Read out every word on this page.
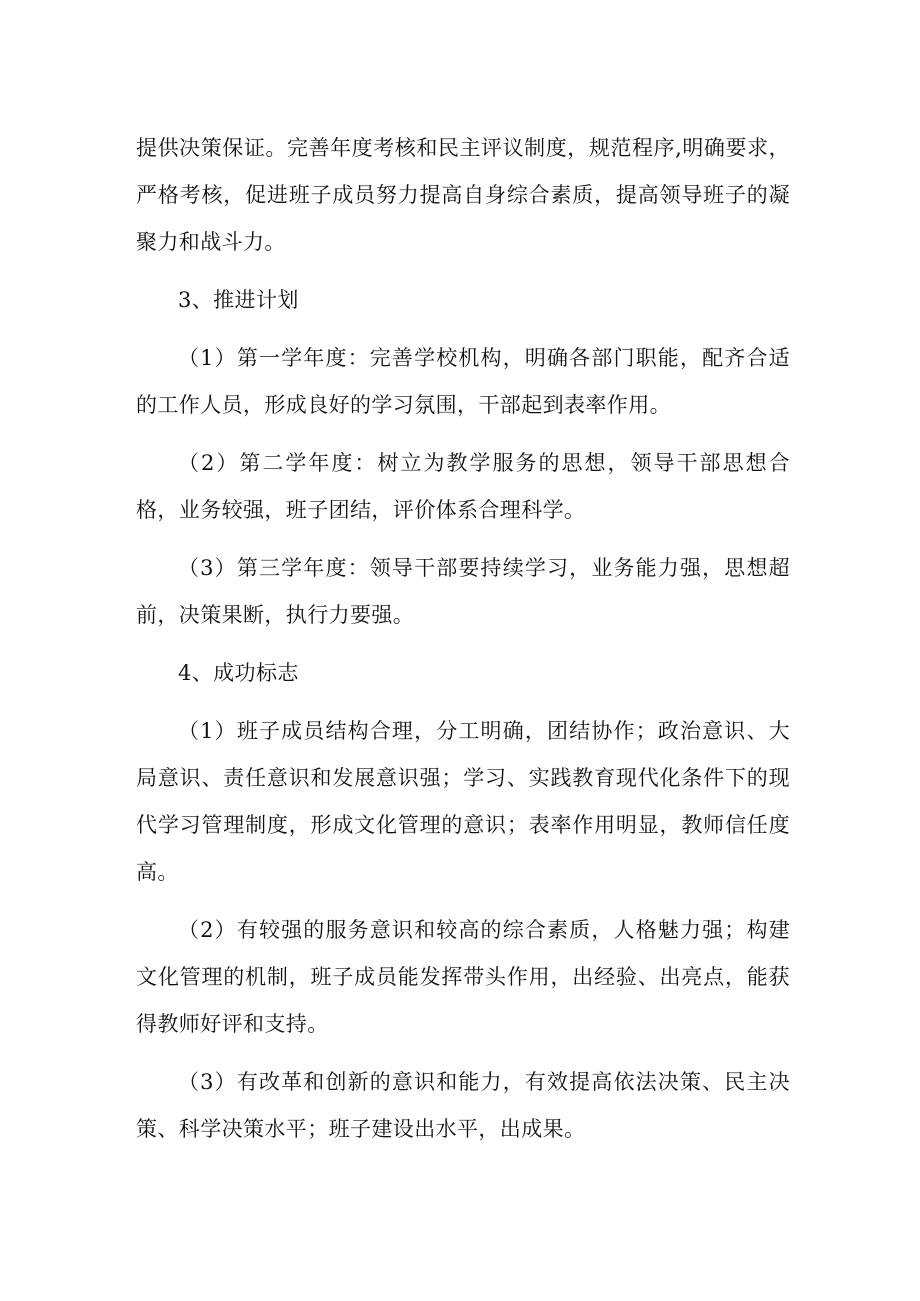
提供决策保证。完善年度考核和民主评议制度，规范程序,明确要求，严格考核，促进班子成员努力提高自身综合素质，提高领导班子的凝聚力和战斗力。

3、推进计划

（1）第一学年度：完善学校机构，明确各部门职能，配齐合适的工作人员，形成良好的学习氛围，干部起到表率作用。

（2）第二学年度：树立为教学服务的思想，领导干部思想合格，业务较强，班子团结，评价体系合理科学。

（3）第三学年度：领导干部要持续学习，业务能力强，思想超前，决策果断，执行力要强。

4、成功标志

（1）班子成员结构合理，分工明确，团结协作；政治意识、大局意识、责任意识和发展意识强；学习、实践教育现代化条件下的现代学习管理制度，形成文化管理的意识；表率作用明显，教师信任度高。

（2）有较强的服务意识和较高的综合素质，人格魅力强；构建文化管理的机制，班子成员能发挥带头作用，出经验、出亮点，能获得教师好评和支持。

（3）有改革和创新的意识和能力，有效提高依法决策、民主决策、科学决策水平；班子建设出水平，出成果。
